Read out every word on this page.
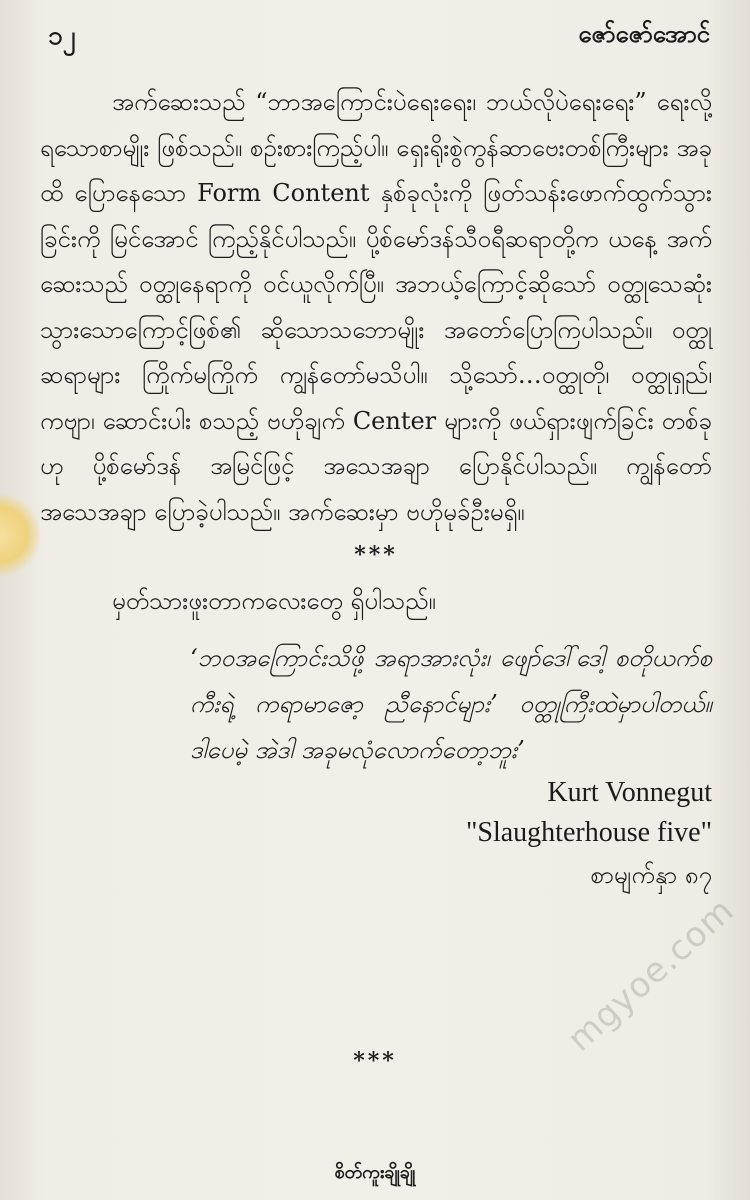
၁၂	ဇော်ဇော်အောင်

အက်ဆေးသည် “ဘာအကြောင်းပဲရေးရေး၊ ဘယ်လိုပဲရေးရေး” ရေးလို့ရသောစာမျိုး ဖြစ်သည်။ စဉ်းစားကြည့်ပါ။ ရှေးရိုးစွဲကွန်ဆာဗေးတစ်ကြီးများ အခုထိ ပြောနေသော Form Content နှစ်ခုလုံးကို ဖြတ်သန်းဖောက်ထွက်သွားခြင်းကို မြင်အောင် ကြည့်နိုင်ပါသည်။ ပို့စ်မော်ဒန်သီဝရီဆရာတို့က ယနေ့ အက်ဆေးသည် ဝတ္ထုနေရာကို ဝင်ယူလိုက်ပြီ။ အဘယ့်ကြောင့်ဆိုသော် ဝတ္ထုသေဆုံးသွားသောကြောင့်ဖြစ်၏ ဆိုသောသဘောမျိုး အတော်ပြောကြပါသည်။ ဝတ္ထုဆရာများ ကြိုက်မကြိုက် ကျွန်တော်မသိပါ။ သို့သော်…ဝတ္ထုတို၊ ဝတ္ထုရှည်၊ ကဗျာ၊ ဆောင်းပါး စသည့် ဗဟိုချက် Center များကို ဖယ်ရှားဖျက်ခြင်း တစ်ခုဟု ပို့စ်မော်ဒန် အမြင်ဖြင့် အသေအချာ ပြောနိုင်ပါသည်။ ကျွန်တော် အသေအချာ ပြောခဲ့ပါသည်။ အက်ဆေးမှာ ဗဟိုမုခ်ဦးမရှိ။

***

မှတ်သားဖူးတာကလေးတွေ ရှိပါသည်။

‘ဘဝအကြောင်းသိဖို့ အရာအားလုံး၊ ဖျော်ဒေါ်ဒေါ့ စတိုယက်စကီးရဲ့ ကရာမာဇော့ ညီနောင်များ’ ဝတ္ထုကြီးထဲမှာပါတယ်။ ဒါပေမဲ့ အဲဒါ အခုမလုံလောက်တော့ဘူး’

Kurt Vonnegut

"Slaughterhouse five"

စာမျက်နှာ ၈၇

***
စိတ်ကူးချိုချို
mgyoe.com
